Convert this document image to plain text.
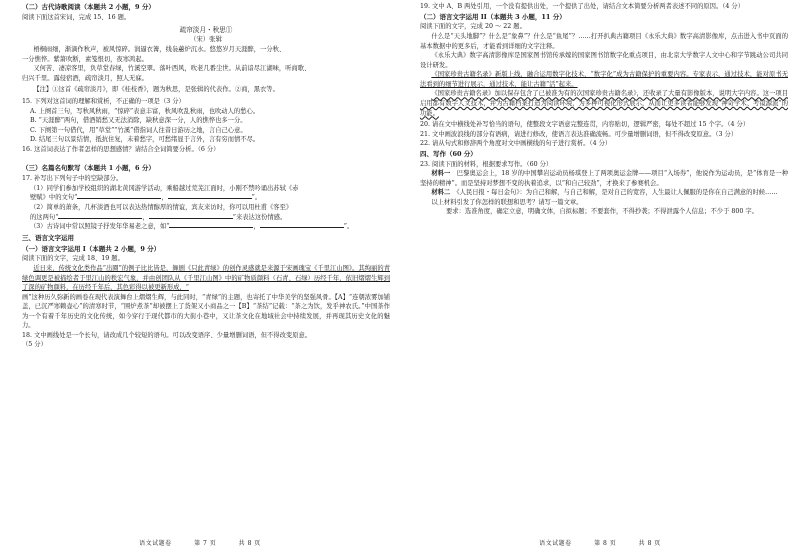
（二）古代诗歌阅读（本题共 2 小题，9 分）
阅读下面这首宋词，完成 15、16 题。
疏帘淡月・秋思①
（宋）张辑
梧桐雨细，渐滴作秋声，被风惊碎。润逼衣篝，线袅蕙炉沉水。悠悠岁月天涯醉，一分秋、
一分憔悴。紫箫吹断，素笺恨切，夜寒鸿起。
又何苦、凄凉客里，负草堂春绿，竹溪空翠。落叶西风，吹老几番尘世。从前谙尽江湖味，听商歌、
归兴千里。露侵宿酒，疏帘淡月，照人无寐。
【注】①这首《疏帘淡月》，即《桂枝香》，题为秋思，是张辑的代表作。②商，黑衣等。
15. 下列对这首词的理解和赏析，不正确的一项是（3 分）
A. 上阕首三句，写秋风秋雨，“惊碎”表意丰富，秋风吹乱秋雨，也吹动人的愁心。
B. “天涯醉”两句，借酒销愁又无法消除，缺秋意深一分，人的憔悴也多一分。
C. 下阕第一句借代，用“草堂”“竹溪”借指词人往昔日游历之地，言自己心意。
D. 结尾三句以景结情，抵抗住复，未着愁字，可愁绪显于言外，言有穷而情不尽。
16. 这首词表达了作者怎样的思想感情？请结合全词简要分析。（6 分）
（三）名篇名句默写（本题共 1 小题，6 分）
17. 补写出下列句子中的空缺部分。
（1）同学们参加学校组织的湖北黄冈游学活动，乘船越过荒芜江面时，小刚不禁吟诵出苏轼《赤
壁赋》中的文句“	，	”。
（2）简单的萧条，几杯淡酒也可以表达热情醇厚的情谊，宾友来访时，你可以用杜甫《客至》
的这两句“	，	”来表达这份情感。
（3）古诗词中常以照镜子抒发年华易老之意，如“	，	”。
三、语言文字运用
（一）语言文字运用 I（本题共 2 小题，9 分）
阅读下面的文字，完成 18、19 题。
近日来，传统文化类作品“出圈”的例子比比皆是，舞剧《只此青绿》的创作灵感就是来源于宋画瑰宝《千里江山图》。其绚丽的青绿色调更是被描绘者于里江山的秩宏气象，并由创团队从《千里江山图》中的矿物质颜料（石青、石绿）历经千年，依旧熠熠生辉到了深的矿物颜料，在历经千年后，其色彩得以被更新形成，“
画”这种历久弥新的画卷在现代表演舞台上熠熠生辉，与此同时，“青绿”的主题，也寄托了中华美学的坚强风骨。【A】“连朝浓雾加铺盖，已沉严寒赖壶心”的清寒时节，“围炉煮茶”却被摆上了货架又小商品之一【B】“茶结”记载：“茶之为饮，发乎神农氏。”中国茶作为一个有着千年历史的文化传统，如今穿行于现代都市的大街小巷中，又让茶文化在地域社会中持续发展，并再现其历史文化的魅力。
18. 文中画线处是一个长句，请改成几个较短的语句。可以改变语序、少量增删词语，但不得改变原意。
（5 分）
语文试题卷	第 7 页	共 8 页
19. 文中 A、B 两处引用，一个没有提供出处，一个提供了出处，请结合文本简要分析两者表述不同的原因。（4 分）
（二）语言文字运用 II（本题共 3 小题，11 分）
阅读下面的文字，完成 20 ～ 22 题。
什么是“天头地脚”？什么是“象鼻”？什么是“鱼尾”？……打开扒典古籍项目《永乐大典》数字高清影像库，点击进入书中页面的基本数据中的更多后，才能看到详细的文字注释。
《永乐大典》数字高清影像库是国家图书馆传承嫁的国家图书馆数字化重点项目，由北京大学数字人文中心和字节跳动公司共同设计研发。
《国家珍贵古籍名录》新版上线，融合运用数字化技术，“数字化”成为古籍保护的重要内容。专家表示，通过技术，能对原书无法看到的细节进行展示，通过技术，能让古籍“活”起来。
《国家珍贵古籍名录》加以保存包含了已被准为有的次国家珍贵古籍名录》，还收录了大量有影像版本，说明大字内容。这一项目启用都有数字人文技术，并为古籍档案打造为阅读环境，为多种可视化形式展示，从而让更多读者能够发现“神奇学术、考镜源流”的功能。
20. 请在文中横线处补写恰当的语句，使整段文字语意完整连贯，内容贴切，逻辑严密，每处不超过 15 个字。（4 分）
21. 文中画波浪线的部分有语病，请进行修改，使语言表达准确流畅。可少量增删词语，但不得改变原意。（3 分）
22. 请从句式和修辞两个角度对文中画横线的句子进行赏析。（4 分）
四、写作（60 分）
23. 阅读下面的材料，根据要求写作。（60 分）
材料一　 巴黎奥运会上，18 岁的中国攀岩运动员杨琪登上了两项奥运金牌——项目“入场券”，他说作为运动员，是“体育是一种坚持的精神”。而是坚持对梦想不变的执着追求，以“和自己较劲”，才换来了参赛机会。
材料二　 《人民日报・每日金句》：为自己和解，与自己和解，是对自己的宽容，人生最让人佩服的是你在自己满意的时候……
以上材料引发了你怎样的联想和思考？请写一篇文章。
要求：选准角度，确定立意，明确文体，自拟标题；不要套作，不得抄袭；不得泄露个人信息；不少于 800 字。
语文试题卷	第 8 页	共 8 页
